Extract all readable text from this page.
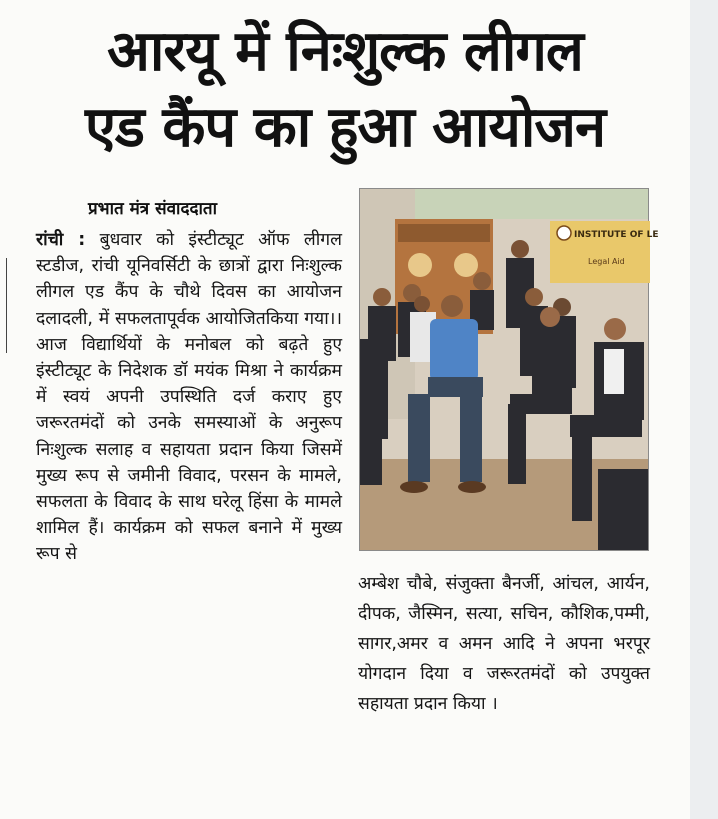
आरयू में निःशुल्क लीगल
एड कैंप का हुआ आयोजन
प्रभात मंत्र संवाददाता

रांची : बुधवार को इंस्टीट्यूट ऑफ लीगल स्टडीज, रांची यूनिवर्सिटी के छात्रों द्वारा निःशुल्क लीगल एड कैंप के चौथे दिवस का आयोजन दलादली, में सफलतापूर्वक आयोजितकिया गया।। आज विद्यार्थियों के मनोबल को बढ़ते हुए इंस्टीट्यूट के निदेशक डॉ मयंक मिश्रा ने कार्यक्रम में स्वयं अपनी उपस्थिति दर्ज कराए हुए जरूरतमंदों को उनके समस्याओं के अनुरूप निःशुल्क सलाह व सहायता प्रदान किया जिसमें मुख्य रूप से जमीनी विवाद, परसन के मामले, सफलता के विवाद के साथ घरेलू हिंसा के मामले शामिल हैं। कार्यक्रम को सफल बनाने में मुख्य रूप से

INSTITUTE OF LE
Legal Aid

अम्बेश चौबे, संजुक्ता बैनर्जी, आंचल, आर्यन, दीपक, जैस्मिन, सत्या, सचिन, कौशिक,पम्मी, सागर,अमर व अमन आदि ने अपना भरपूर योगदान दिया व जरूरतमंदों को उपयुक्त सहायता प्रदान किया ।
